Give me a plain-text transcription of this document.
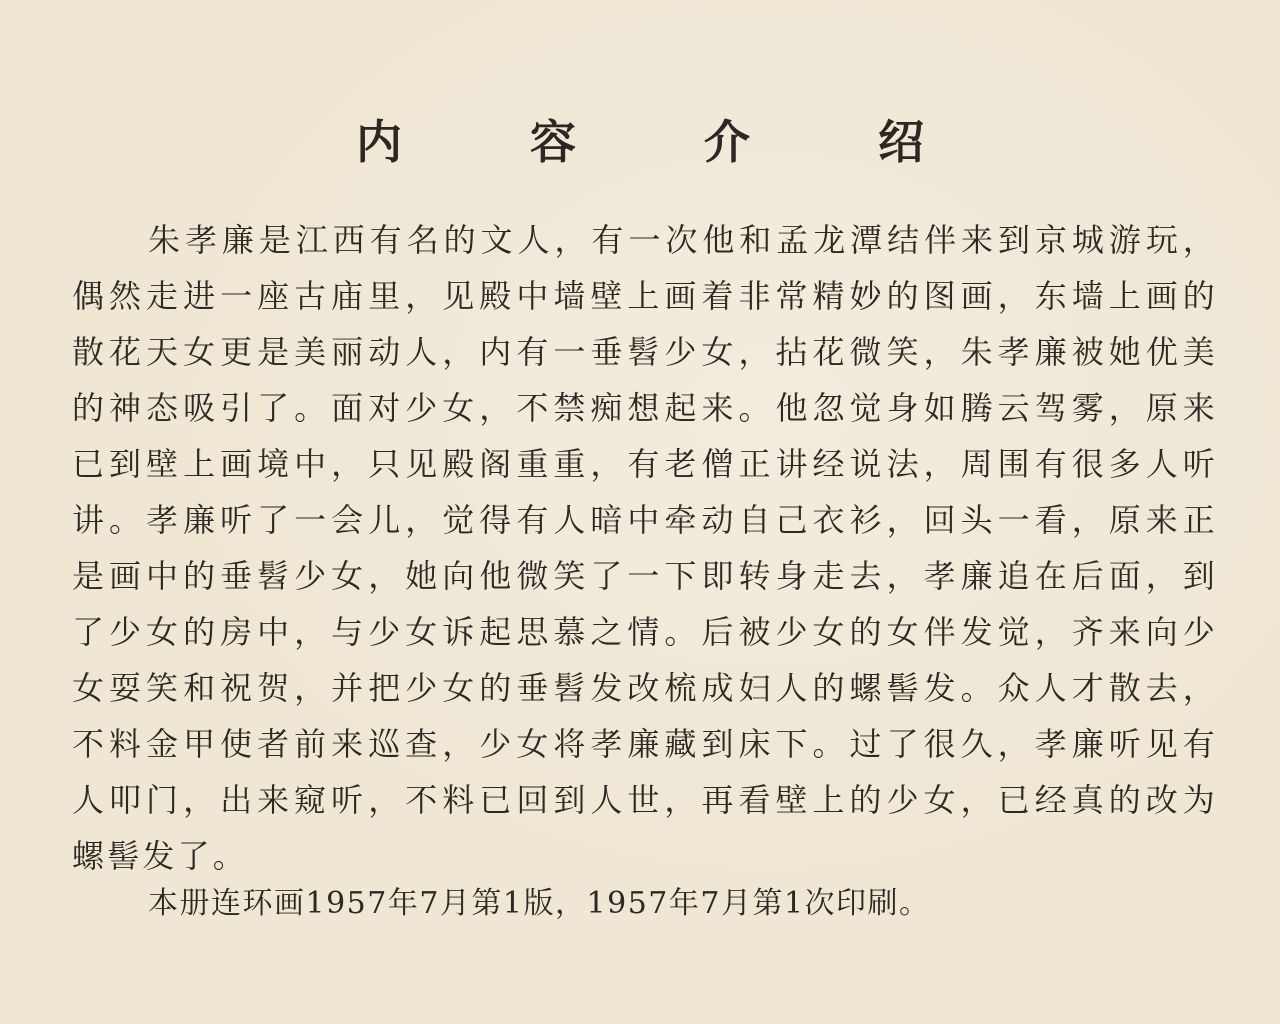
内 容 介 绍
朱孝廉是江西有名的文人，有一次他和孟龙潭结伴来到京城游玩，
偶然走进一座古庙里，见殿中墙壁上画着非常精妙的图画，东墙上画的
散花天女更是美丽动人，内有一垂髫少女，拈花微笑，朱孝廉被她优美
的神态吸引了。面对少女，不禁痴想起来。他忽觉身如腾云驾雾，原来
已到壁上画境中，只见殿阁重重，有老僧正讲经说法，周围有很多人听
讲。孝廉听了一会儿，觉得有人暗中牵动自己衣衫，回头一看，原来正
是画中的垂髫少女，她向他微笑了一下即转身走去，孝廉追在后面，到
了少女的房中，与少女诉起思慕之情。后被少女的女伴发觉，齐来向少
女耍笑和祝贺，并把少女的垂髫发改梳成妇人的螺髻发。众人才散去，
不料金甲使者前来巡查，少女将孝廉藏到床下。过了很久，孝廉听见有
人叩门，出来窥听，不料已回到人世，再看壁上的少女，已经真的改为
螺髻发了。
本册连环画1957年7月第1版，1957年7月第1次印刷。
